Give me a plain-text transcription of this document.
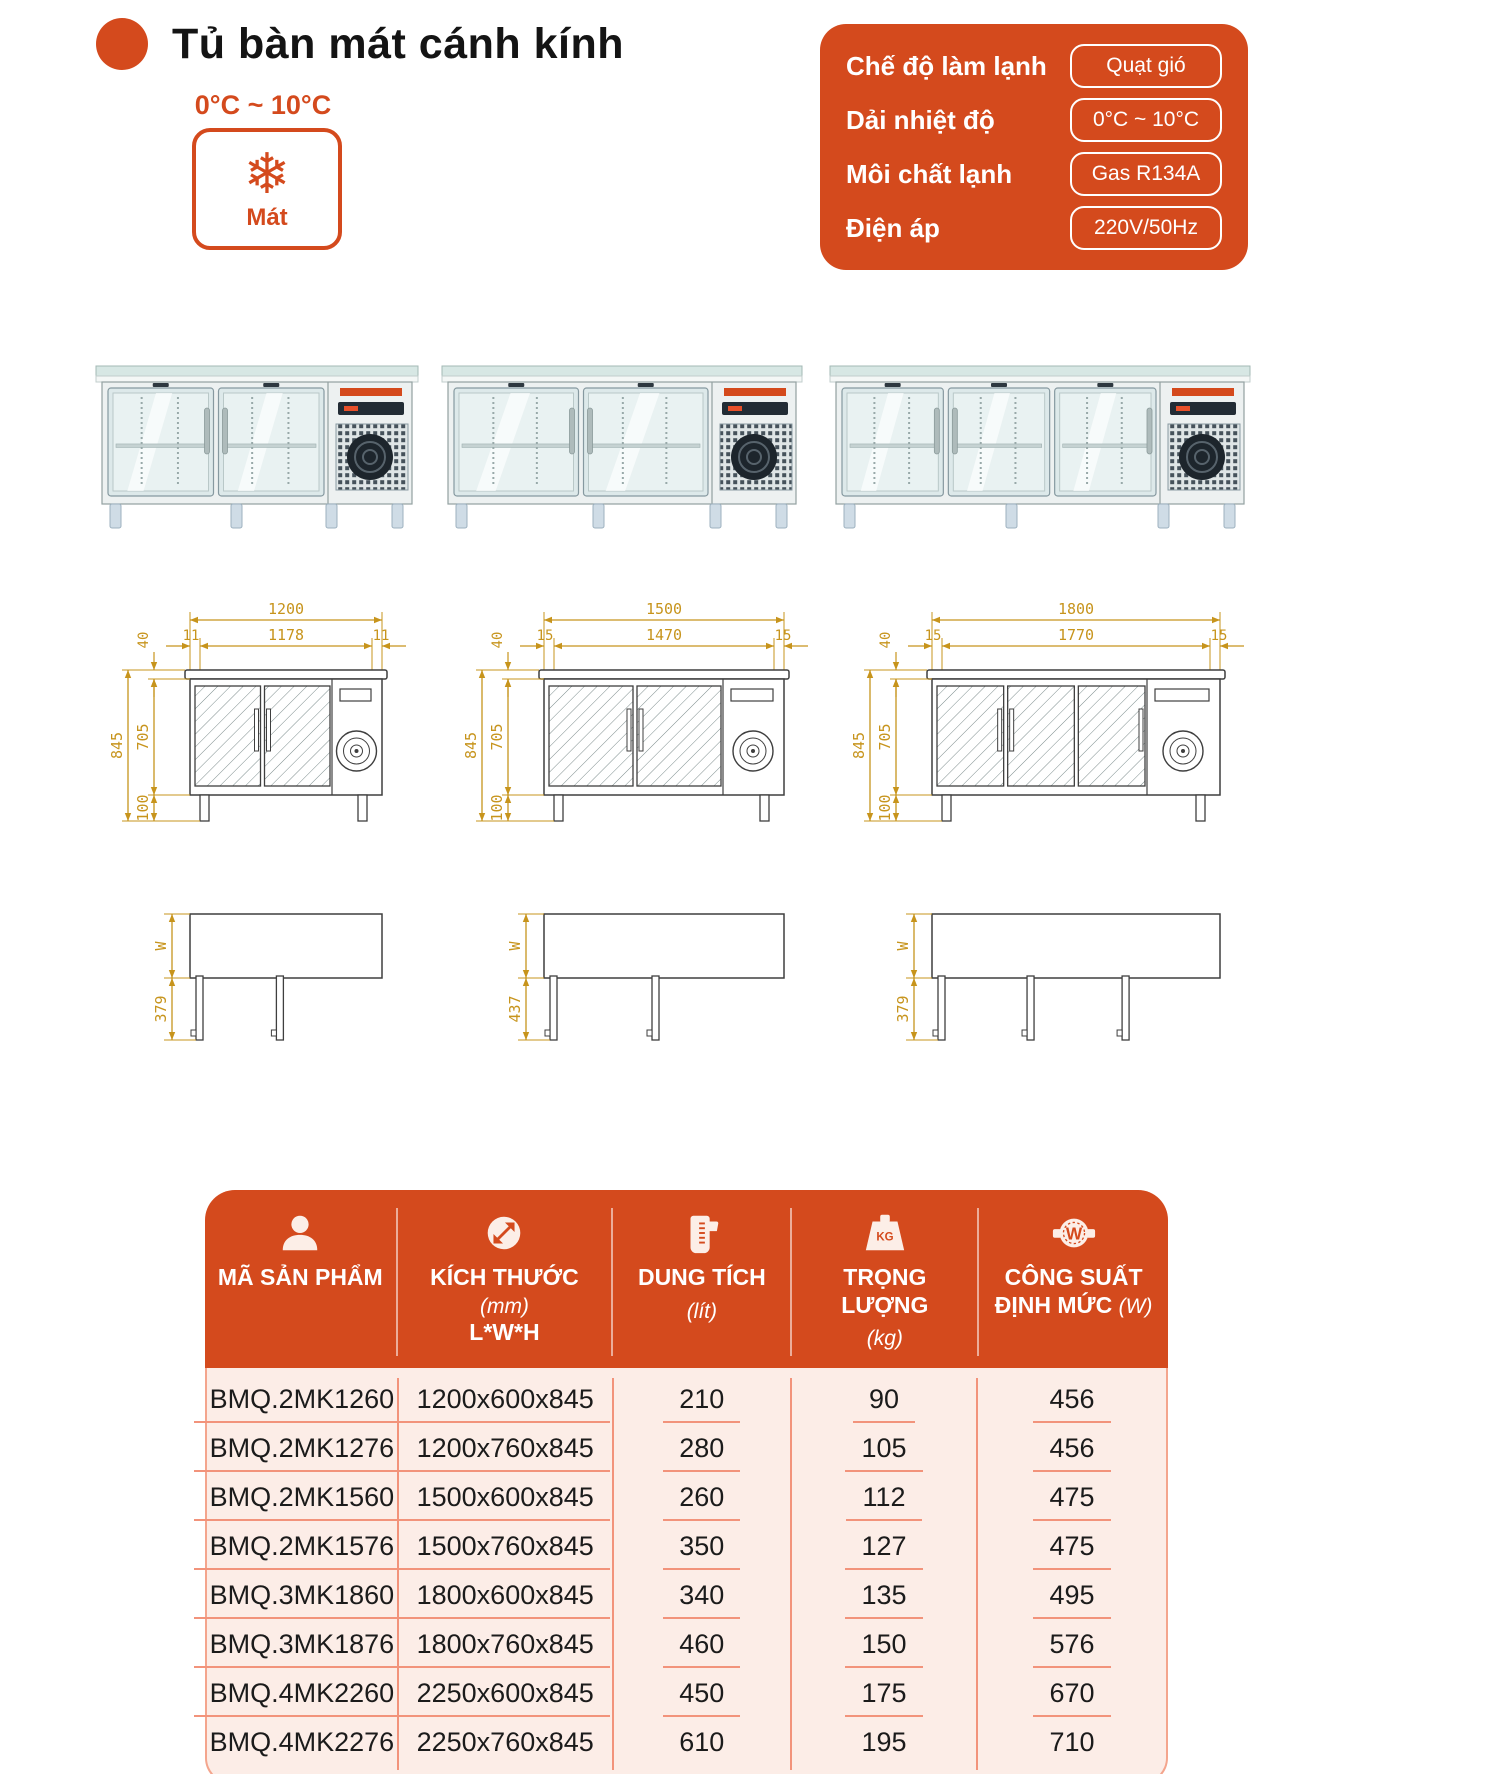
Tủ bàn mát cánh kính
0°C ~ 10°C
❄
Mát
Chế độ làm lạnh	Quạt gió
Dải nhiệt độ	0°C ~ 10°C
Môi chất lạnh	Gas R134A
Điện áp	220V/50Hz
1200
1178
11	11
845 705
40
100
W
379
1500
1470
15	15
845 705
40
100
W
437
1800
1770
15	15
845 705
40
100
W
379
MÃ SẢN PHẨM	KÍCH THƯỚC (mm)
L*W*H
DUNG TÍCH
(lít)
KG
TRỌNG LƯỢNG
(kg)
W
CÔNG SUẤT
ĐỊNH MỨC (W)
BMQ.2MK1260 1200x600x845	210	90	456
BMQ.2MK1276 1200x760x845	280	105	456
BMQ.2MK1560 1500x600x845	260	112	475
BMQ.2MK1576 1500x760x845	350	127	475
BMQ.3MK1860 1800x600x845	340	135	495
BMQ.3MK1876 1800x760x845	460	150	576
BMQ.4MK2260 2250x600x845	450	175	670
BMQ.4MK2276 2250x760x845	610	195	710
